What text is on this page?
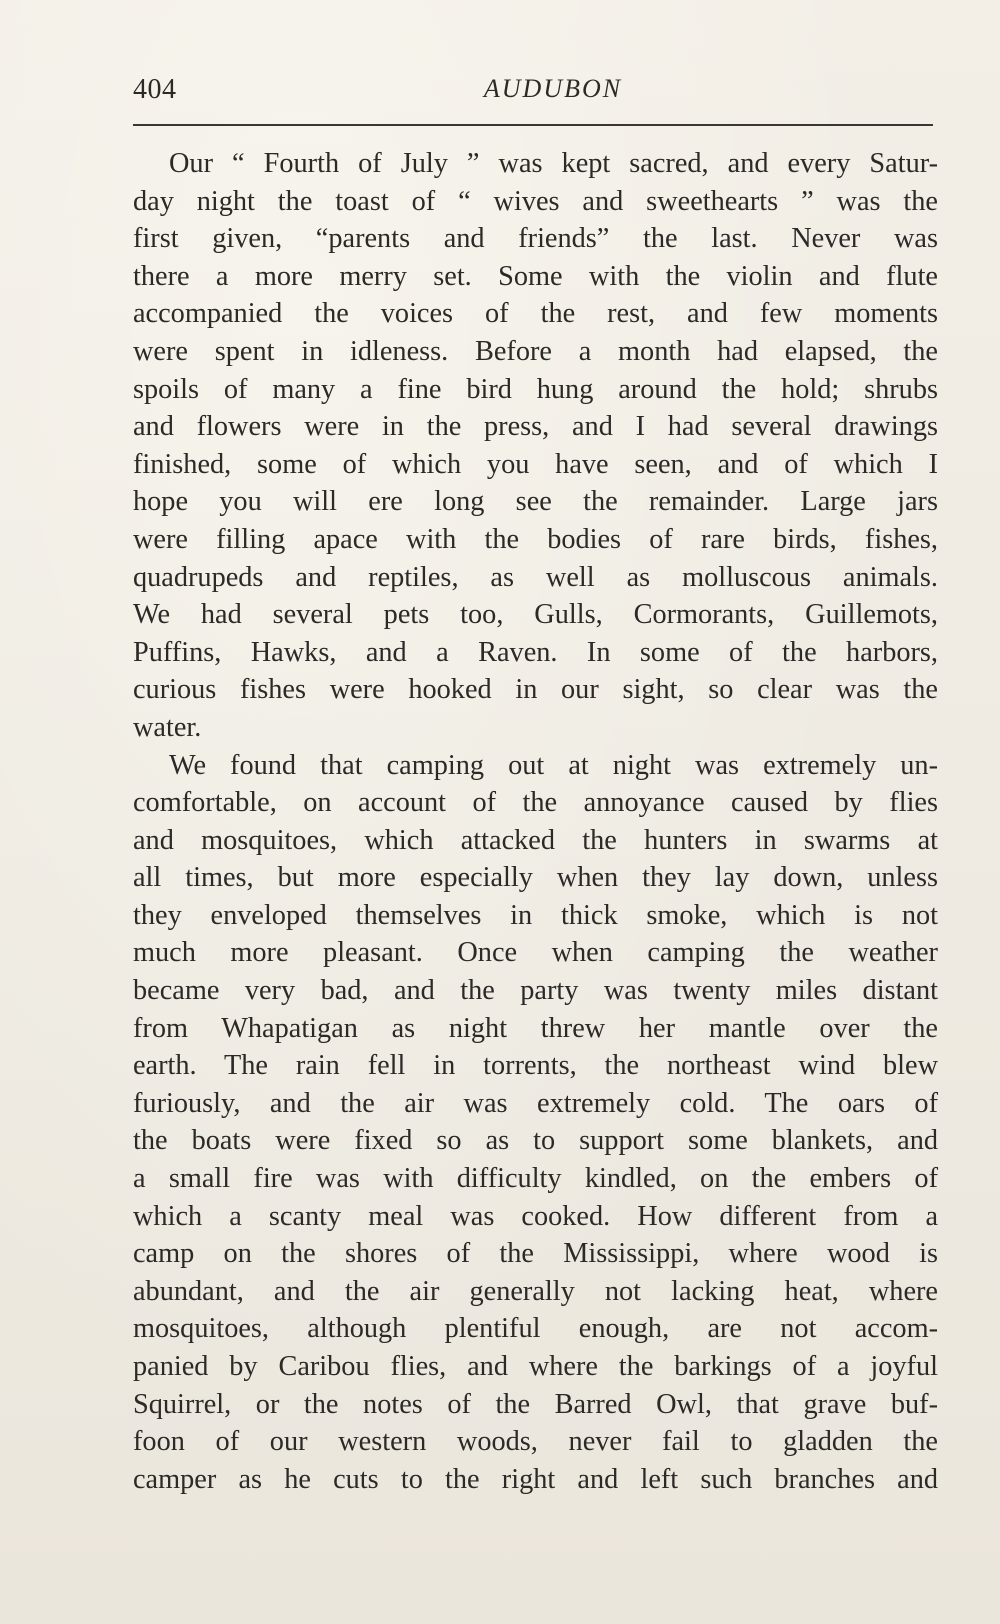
404	AUDUBON
Our “ Fourth of July ” was kept sacred, and every Satur-
day night the toast of “ wives and sweethearts ” was the
first given, “parents and friends” the last. Never was
there a more merry set. Some with the violin and flute
accompanied the voices of the rest, and few moments
were spent in idleness. Before a month had elapsed, the
spoils of many a fine bird hung around the hold; shrubs
and flowers were in the press, and I had several drawings
finished, some of which you have seen, and of which I
hope you will ere long see the remainder. Large jars
were filling apace with the bodies of rare birds, fishes,
quadrupeds and reptiles, as well as molluscous animals.
We had several pets too, Gulls, Cormorants, Guillemots,
Puffins, Hawks, and a Raven. In some of the harbors,
curious fishes were hooked in our sight, so clear was the
water.
We found that camping out at night was extremely un-
comfortable, on account of the annoyance caused by flies
and mosquitoes, which attacked the hunters in swarms at
all times, but more especially when they lay down, unless
they enveloped themselves in thick smoke, which is not
much more pleasant. Once when camping the weather
became very bad, and the party was twenty miles distant
from Whapatigan as night threw her mantle over the
earth. The rain fell in torrents, the northeast wind blew
furiously, and the air was extremely cold. The oars of
the boats were fixed so as to support some blankets, and
a small fire was with difficulty kindled, on the embers of
which a scanty meal was cooked. How different from a
camp on the shores of the Mississippi, where wood is
abundant, and the air generally not lacking heat, where
mosquitoes, although plentiful enough, are not accom-
panied by Caribou flies, and where the barkings of a joyful
Squirrel, or the notes of the Barred Owl, that grave buf-
foon of our western woods, never fail to gladden the
camper as he cuts to the right and left such branches and
